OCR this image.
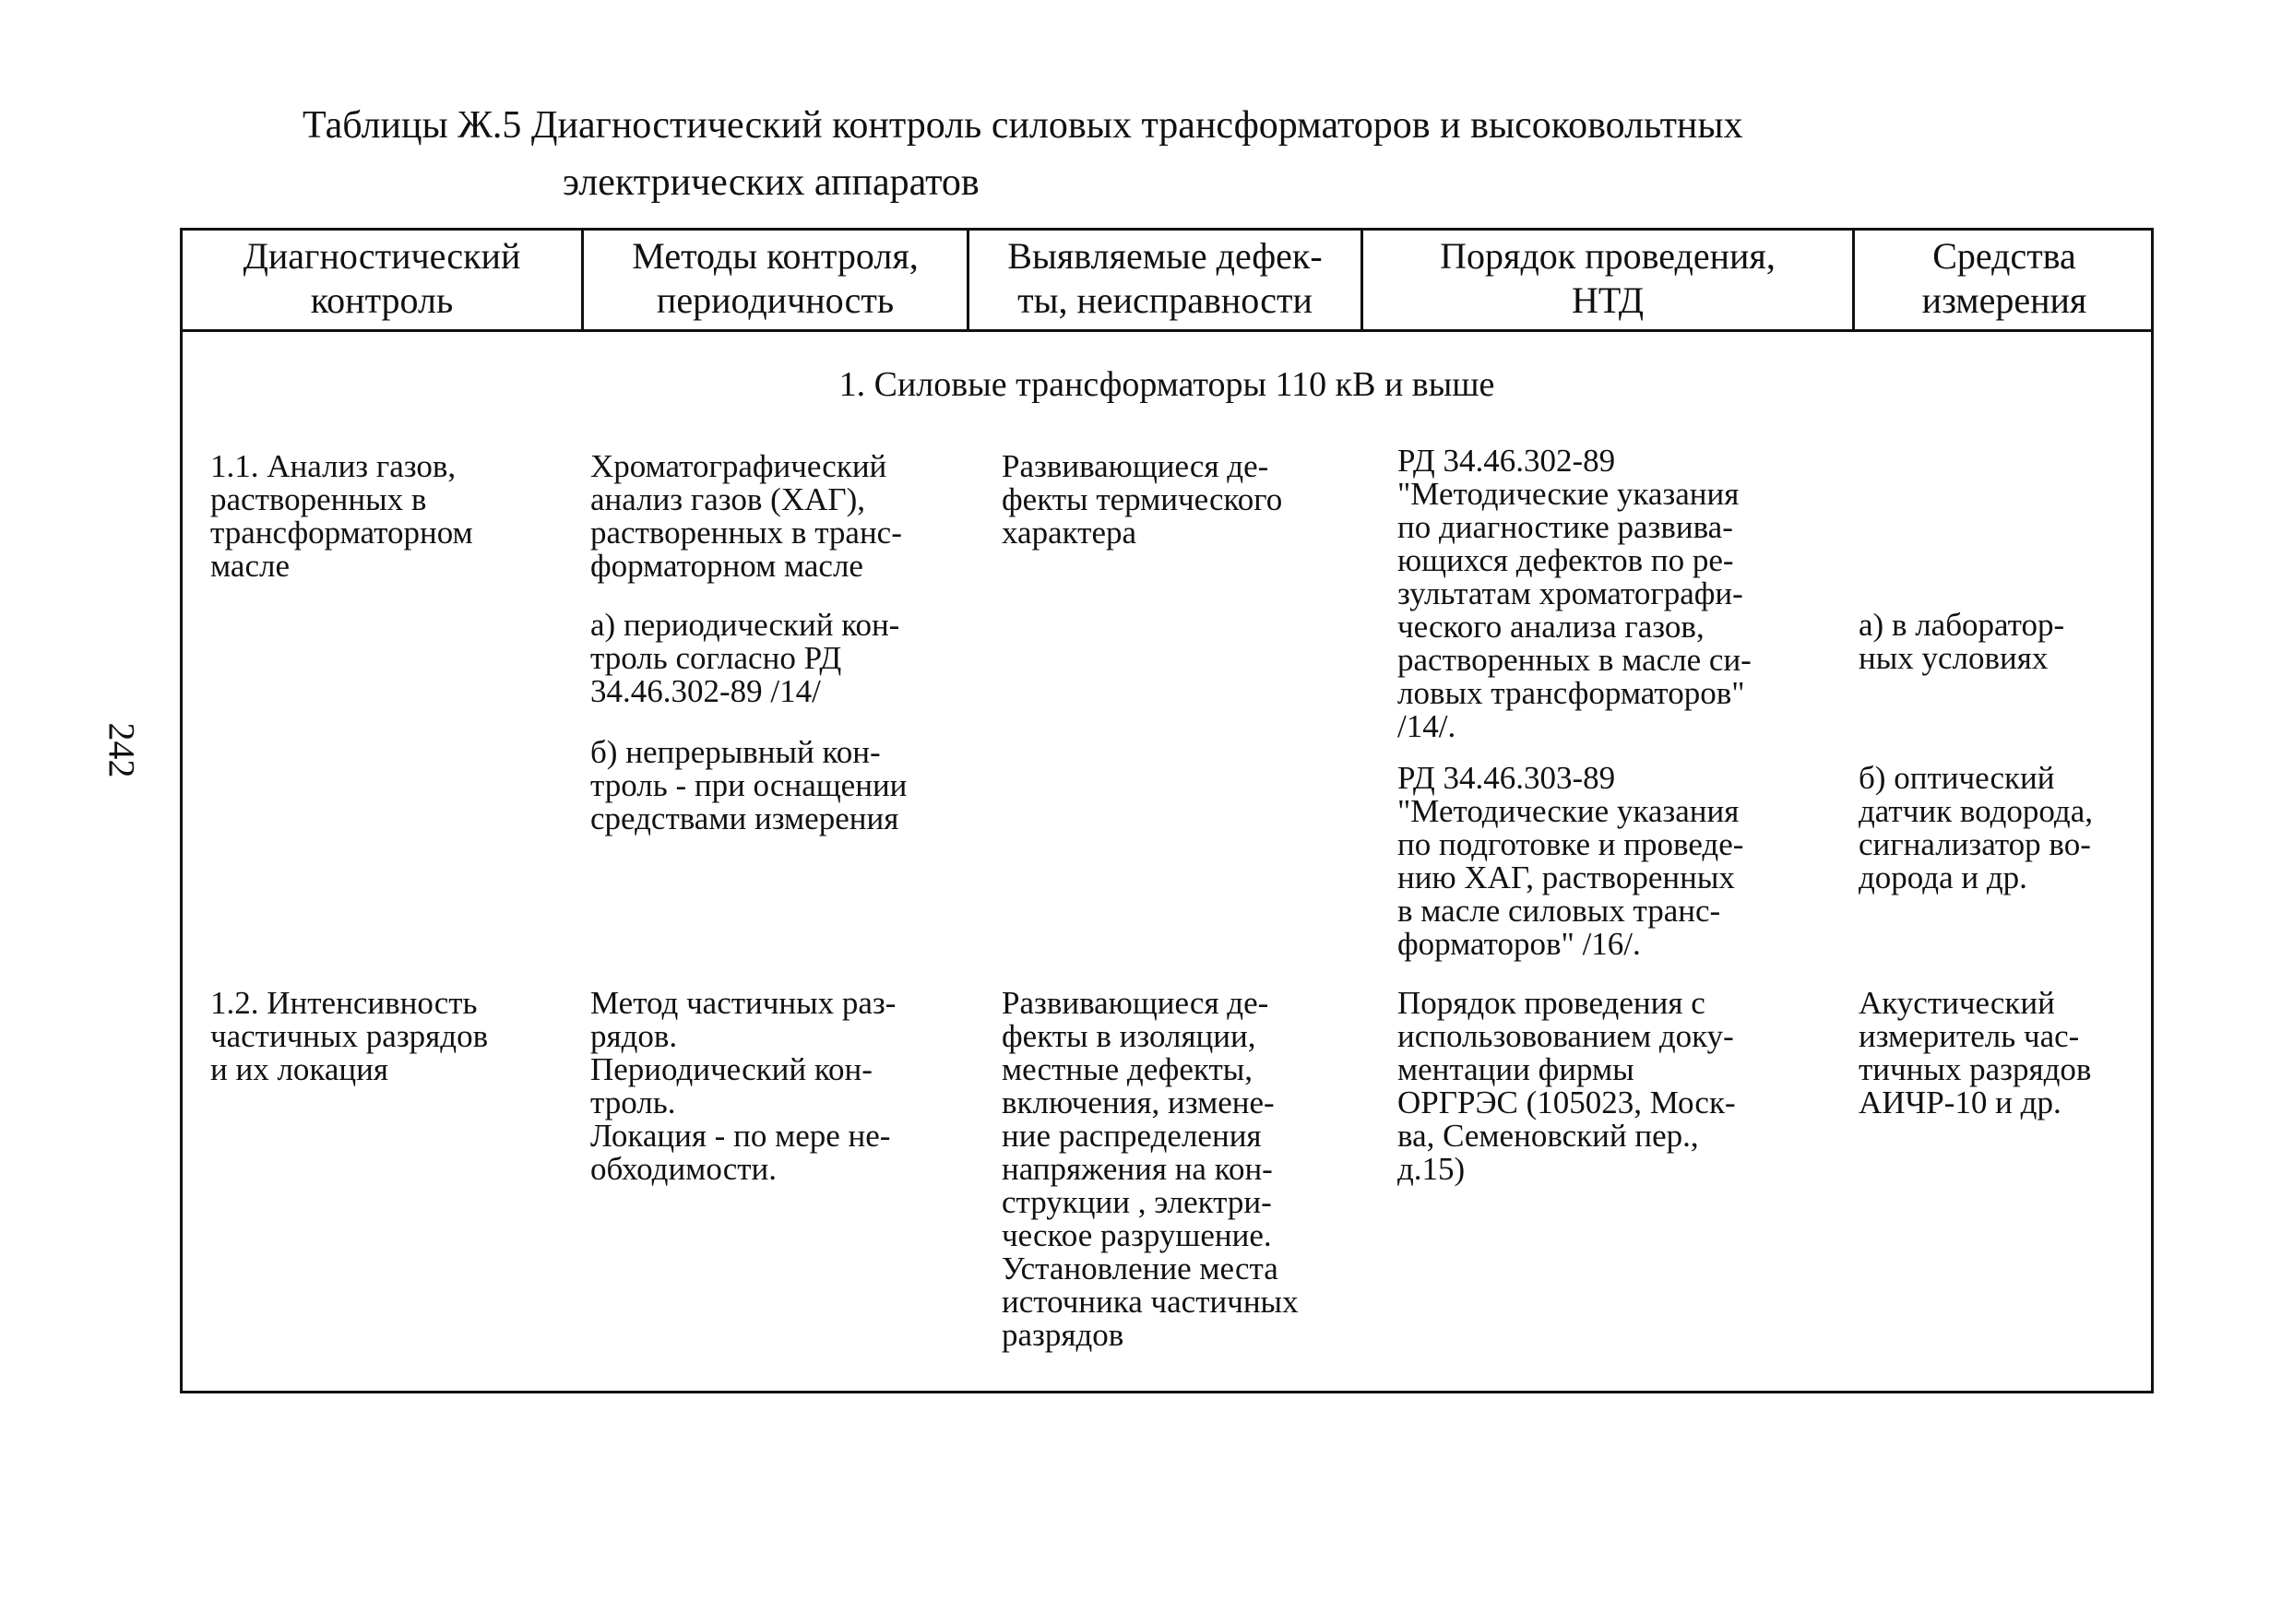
Таблицы Ж.5 Диагностический контроль силовых трансформаторов и высоковольтных
электрических аппаратов
242
Диагностический
контроль
Методы контроля,
периодичность
Выявляемые дефек-
ты, неисправности
Порядок проведения,
НТД
Средства
измерения
1. Силовые трансформаторы 110 кВ и выше
1.1. Анализ газов,
растворенных в
трансформаторном
масле
Хроматографический
анализ газов (ХАГ),
растворенных в транс-
форматорном масле
а) периодический кон-
троль согласно РД
34.46.302-89 /14/
б) непрерывный кон-
троль - при оснащении
средствами измерения
Развивающиеся де-
фекты термического
характера
РД 34.46.302-89
"Методические указания
по диагностике развива-
ющихся дефектов по ре-
зультатам хроматографи-
ческого анализа газов,
растворенных в масле си-
ловых трансформаторов"
/14/.
РД 34.46.303-89
"Методические указания
по подготовке и проведе-
нию ХАГ, растворенных
в масле силовых транс-
форматоров" /16/.
а) в лаборатор-
ных условиях
б) оптический
датчик водорода,
сигнализатор во-
дорода и др.
1.2. Интенсивность
частичных разрядов
и их локация
Метод частичных раз-
рядов.
Периодический кон-
троль.
Локация - по мере не-
обходимости.
Развивающиеся де-
фекты в изоляции,
местные дефекты,
включения, измене-
ние распределения
напряжения на кон-
струкции , электри-
ческое разрушение.
Установление места
источника частичных
разрядов
Порядок проведения с
использовованием доку-
ментации фирмы
ОРГРЭС (105023, Моск-
ва, Семеновский пер.,
д.15)
Акустический
измеритель час-
тичных разрядов
АИЧР-10 и др.
